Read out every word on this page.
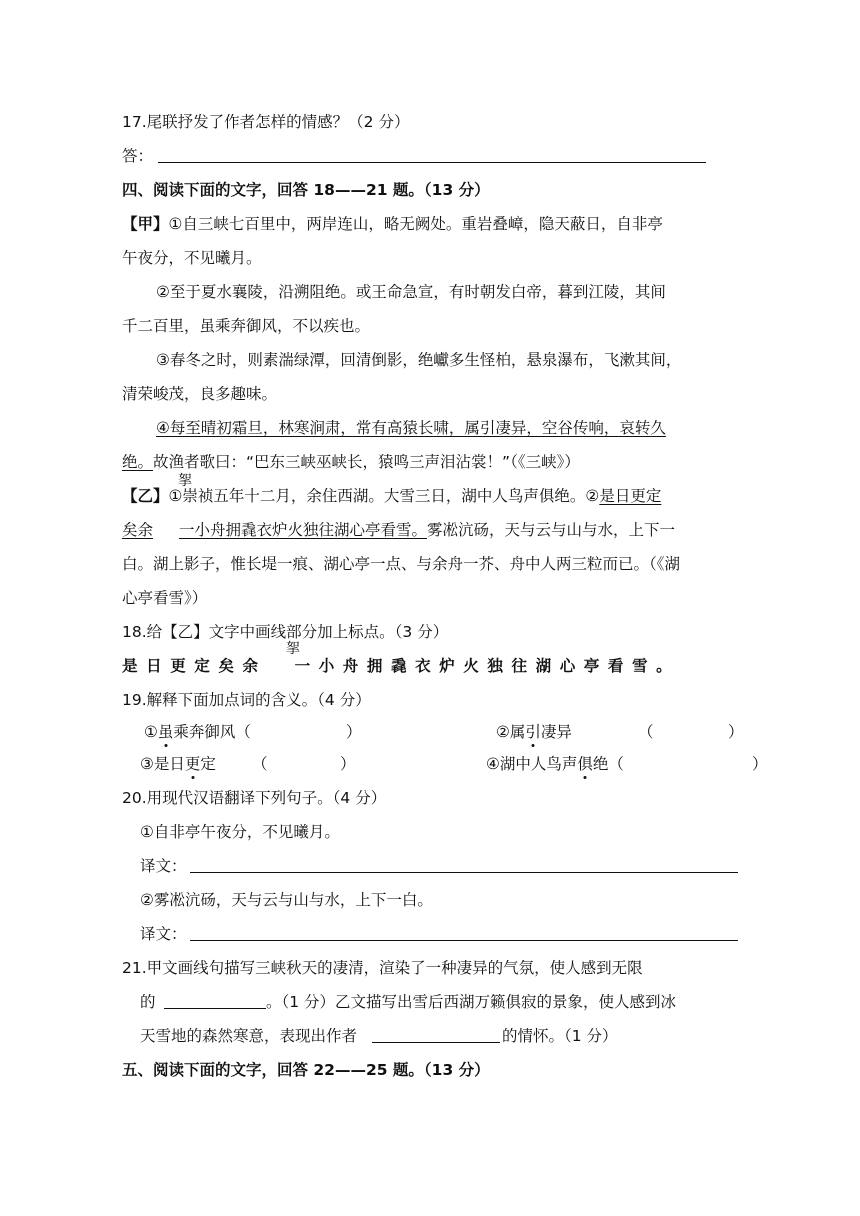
17.尾联抒发了作者怎样的情感？（2 分）
答：
四、阅读下面的文字，回答 18——21 题。（13 分）
【甲】①自三峡七百里中，两岸连山，略无阙处。重岩叠嶂，隐天蔽日，自非亭
午夜分，不见曦月。
②至于夏水襄陵，沿溯阻绝。或王命急宣，有时朝发白帝，暮到江陵，其间
千二百里，虽乘奔御风，不以疾也。
③春冬之时，则素湍绿潭，回清倒影，绝巘多生怪柏，悬泉瀑布，飞漱其间，
清荣峻茂，良多趣味。
④每至晴初霜旦，林寒涧肃，常有高猿长啸，属引凄异，空谷传响，哀转久
绝。故渔者歌曰：“巴东三峡巫峡长，猿鸣三声泪沾裳！”（《三峡》）
挐
【乙】①崇祯五年十二月，余住西湖。大雪三日，湖中人鸟声俱绝。②是日更定
矣余 一小舟拥毳衣炉火独往湖心亭看雪。雾凇沆砀，天与云与山与水，上下一
白。湖上影子，惟长堤一痕、湖心亭一点、与余舟一芥、舟中人两三粒而已。（《湖
心亭看雪》）
18.给【乙】文字中画线部分加上标点。（3 分）
挐
是日更定矣余 一小舟拥毳衣炉火独往湖心亭看雪。
19.解释下面加点词的含义。（4 分）
①虽乘奔御风（	）	②属引凄异	（	）
③是日更定 （	）	④湖中人鸟声俱绝（	）
20.用现代汉语翻译下列句子。（4 分）
①自非亭午夜分，不见曦月。
译文：
②雾凇沆砀，天与云与山与水，上下一白。
译文：
21.甲文画线句描写三峡秋天的凄清，渲染了一种凄异的气氛，使人感到无限
的	。（1 分）乙文描写出雪后西湖万籁俱寂的景象，使人感到冰
天雪地的森然寒意，表现出作者	的情怀。（1 分）
五、阅读下面的文字，回答 22——25 题。（13 分）
